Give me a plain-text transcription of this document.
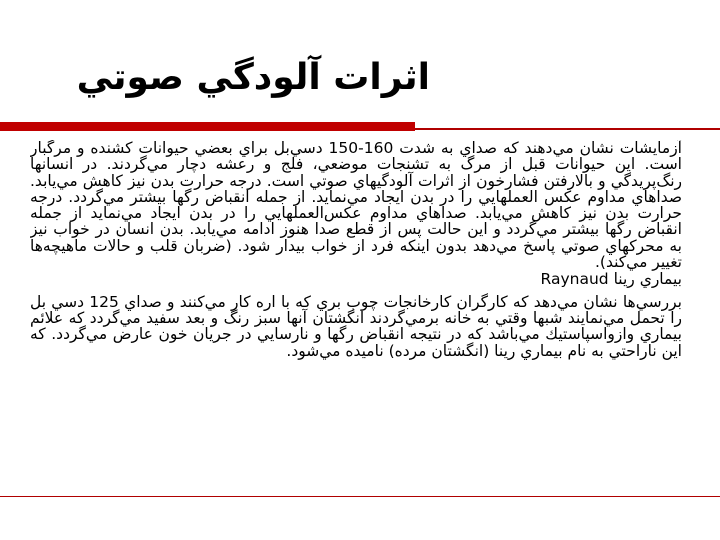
اثرات آلودگي صوتي
آزمايشات نشان مي‌دهند كه صداي به شدت 160-150 دسي‌بل براي بعضي حيوانات كشنده و مرگبار است. اين حيوانات قبل از مرگ به تشنجات موضعي، فلج و رعشه دچار مي‌گردند. در انسانها رنگ‌پريدگي و بالارفتن فشارخون از اثرات آلودگيهاي صوتي است. درجه حرارت بدن نيز كاهش مي‌يابد. صداهاي مداوم عكس العملهايي را در بدن ايجاد مي‌نمايد. از جمله انقباض رگها بيشتر مي‌گردد. درجه حرارت بدن نيز كاهش مي‌يابد. صداهاي مداوم عكس‌العملهايي را در بدن ايجاد مي‌نمايد از جمله انقباض رگها بيشتر مي‌گردد و اين حالت پس از قطع صدا هنوز ادامه مي‌يابد. بدن انسان در خواب نيز به محركهاي صوتي پاسخ مي‌دهد بدون اينكه فرد از خواب بيدار شود. (ضربان قلب و حالات ماهيچه‌ها تغيير مي‌كند).
بيماري رينا Raynaud

بررسي‌ها نشان مي‌دهد كه كارگران كارخانجات چوب بري كه با اره كار مي‌كنند و صداي 125 دسي بل را تحمل مي‌نمايند شبها وقتي به خانه برمي‌گردند انگشتان آنها سبز رنگ و بعد سفيد مي‌گردد كه علائم بيماري وازواسپاستيك مي‌باشد كه در نتيجه انقباض رگها و نارسايي در جريان خون عارض مي‌گردد. كه اين ناراحتي به نام بيماري رينا (انگشتان مرده) ناميده مي‌شود.
